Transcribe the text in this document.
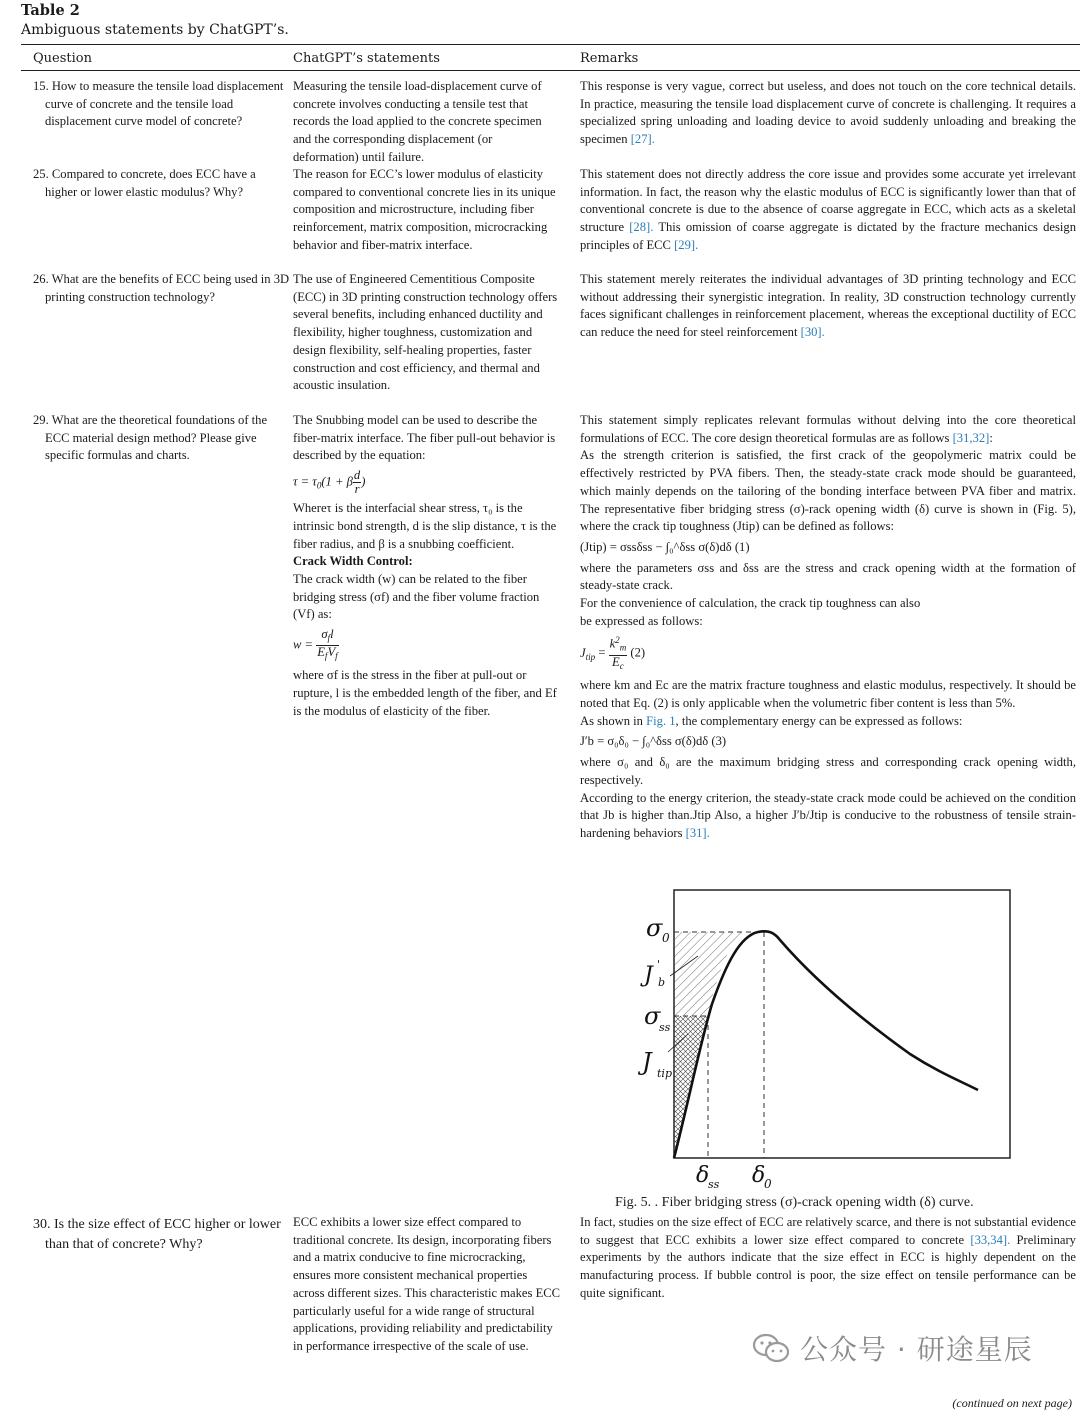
Table 2
Ambiguous statements by ChatGPT’s.
Question	ChatGPT’s statements	Remarks
15. How to measure the tensile load displacement curve of concrete and the tensile load displacement curve model of concrete?
Measuring the tensile load-displacement curve of concrete involves conducting a tensile test that records the load applied to the concrete specimen and the corresponding displacement (or deformation) until failure.
This response is very vague, correct but useless, and does not touch on the core technical details. In practice, measuring the tensile load displacement curve of concrete is challenging. It requires a specialized spring unloading and loading device to avoid suddenly unloading and breaking the specimen [27].
25. Compared to concrete, does ECC have a higher or lower elastic modulus? Why?
The reason for ECC’s lower modulus of elasticity compared to conventional concrete lies in its unique composition and microstructure, including fiber reinforcement, matrix composition, microcracking behavior and fiber-matrix interface.
This statement does not directly address the core issue and provides some accurate yet irrelevant information. In fact, the reason why the elastic modulus of ECC is significantly lower than that of conventional concrete is due to the absence of coarse aggregate in ECC, which acts as a skeletal structure [28]. This omission of coarse aggregate is dictated by the fracture mechanics design principles of ECC [29].
26. What are the benefits of ECC being used in 3D printing construction technology?
The use of Engineered Cementitious Composite (ECC) in 3D printing construction technology offers several benefits, including enhanced ductility and flexibility, higher toughness, customization and design flexibility, self-healing properties, faster construction and cost efficiency, and thermal and acoustic insulation.
This statement merely reiterates the individual advantages of 3D printing technology and ECC without addressing their synergistic integration. In reality, 3D construction technology currently faces significant challenges in reinforcement placement, whereas the exceptional ductility of ECC can reduce the need for steel reinforcement [30].
29. What are the theoretical foundations of the ECC material design method? Please give specific formulas and charts.
The Snubbing model can be used to describe the fiber-matrix interface. The fiber pull-out behavior is described by the equation:
$\tau = \tau_0(1 + \beta \frac{d}{r}$ )
Whereτ is the interfacial shear stress, τ₀ is the intrinsic bond strength, d is the slip distance, τ is the fiber radius, and β is a snubbing coefficient.
Crack Width Control:
The crack width (w) can be related to the fiber bridging stress (σf) and the fiber volume fraction (Vf) as:
$w = \frac{\sigma_fl}{E_fV_f}$
where σf is the stress in the fiber at pull-out or rupture, l is the embedded length of the fiber, and Ef is the modulus of elasticity of the fiber.
This statement simply replicates relevant formulas without delving into the core theoretical formulations of ECC. The core design theoretical formulas are as follows [31,32]:
As the strength criterion is satisfied, the first crack of the geopolymeric matrix could be effectively restricted by PVA fibers. Then, the steady-state crack mode should be guaranteed, which mainly depends on the tailoring of the bonding interface between PVA fiber and matrix. The representative fiber bridging stress (σ)-rack opening width (δ) curve is shown in (Fig. 5), where the crack tip toughness (Jtip) can be defined as follows:
(Jtip) = σssδss − ∫₀^δss σ(δ)dδ (1)
where the parameters σss and δss are the stress and crack opening width at the formation of steady-state crack.
For the convenience of calculation, the crack tip toughness can also
be expressed as follows:
$J_{tip} = \frac{k^2_m}{E_c} (2)$
where km and Ec are the matrix fracture toughness and elastic modulus, respectively. It should be noted that Eq. (2) is only applicable when the volumetric fiber content is less than 5%.
As shown in Fig. 1, the complementary energy can be expressed as follows:
J′b = σ₀δ₀ − ∫₀^δss σ(δ)dδ (3)
where σ₀ and δ₀ are the maximum bridging stress and corresponding crack opening width, respectively.
According to the energy criterion, the steady-state crack mode could be achieved on the condition that Jb is higher than.Jtip Also, a higher J′b/Jtip is conducive to the robustness of tensile strain-hardening behaviors [31].
σ 0
J '
b
σ
ss
J tip
δ
ss δ
0
Fig. 5. . Fiber bridging stress (σ)-crack opening width (δ) curve.
30. Is the size effect of ECC higher or lower than that of concrete? Why?
ECC exhibits a lower size effect compared to traditional concrete. Its design, incorporating fibers and a matrix conducive to fine microcracking, ensures more consistent mechanical properties across different sizes. This characteristic makes ECC particularly useful for a wide range of structural applications, providing reliability and predictability in performance irrespective of the scale of use.
In fact, studies on the size effect of ECC are relatively scarce, and there is not substantial evidence to suggest that ECC exhibits a lower size effect compared to concrete [33,34]. Preliminary experiments by the authors indicate that the size effect in ECC is highly dependent on the manufacturing process. If bubble control is poor, the size effect on tensile performance can be quite significant.
公众号 · 研途星辰
(continued on next page)
